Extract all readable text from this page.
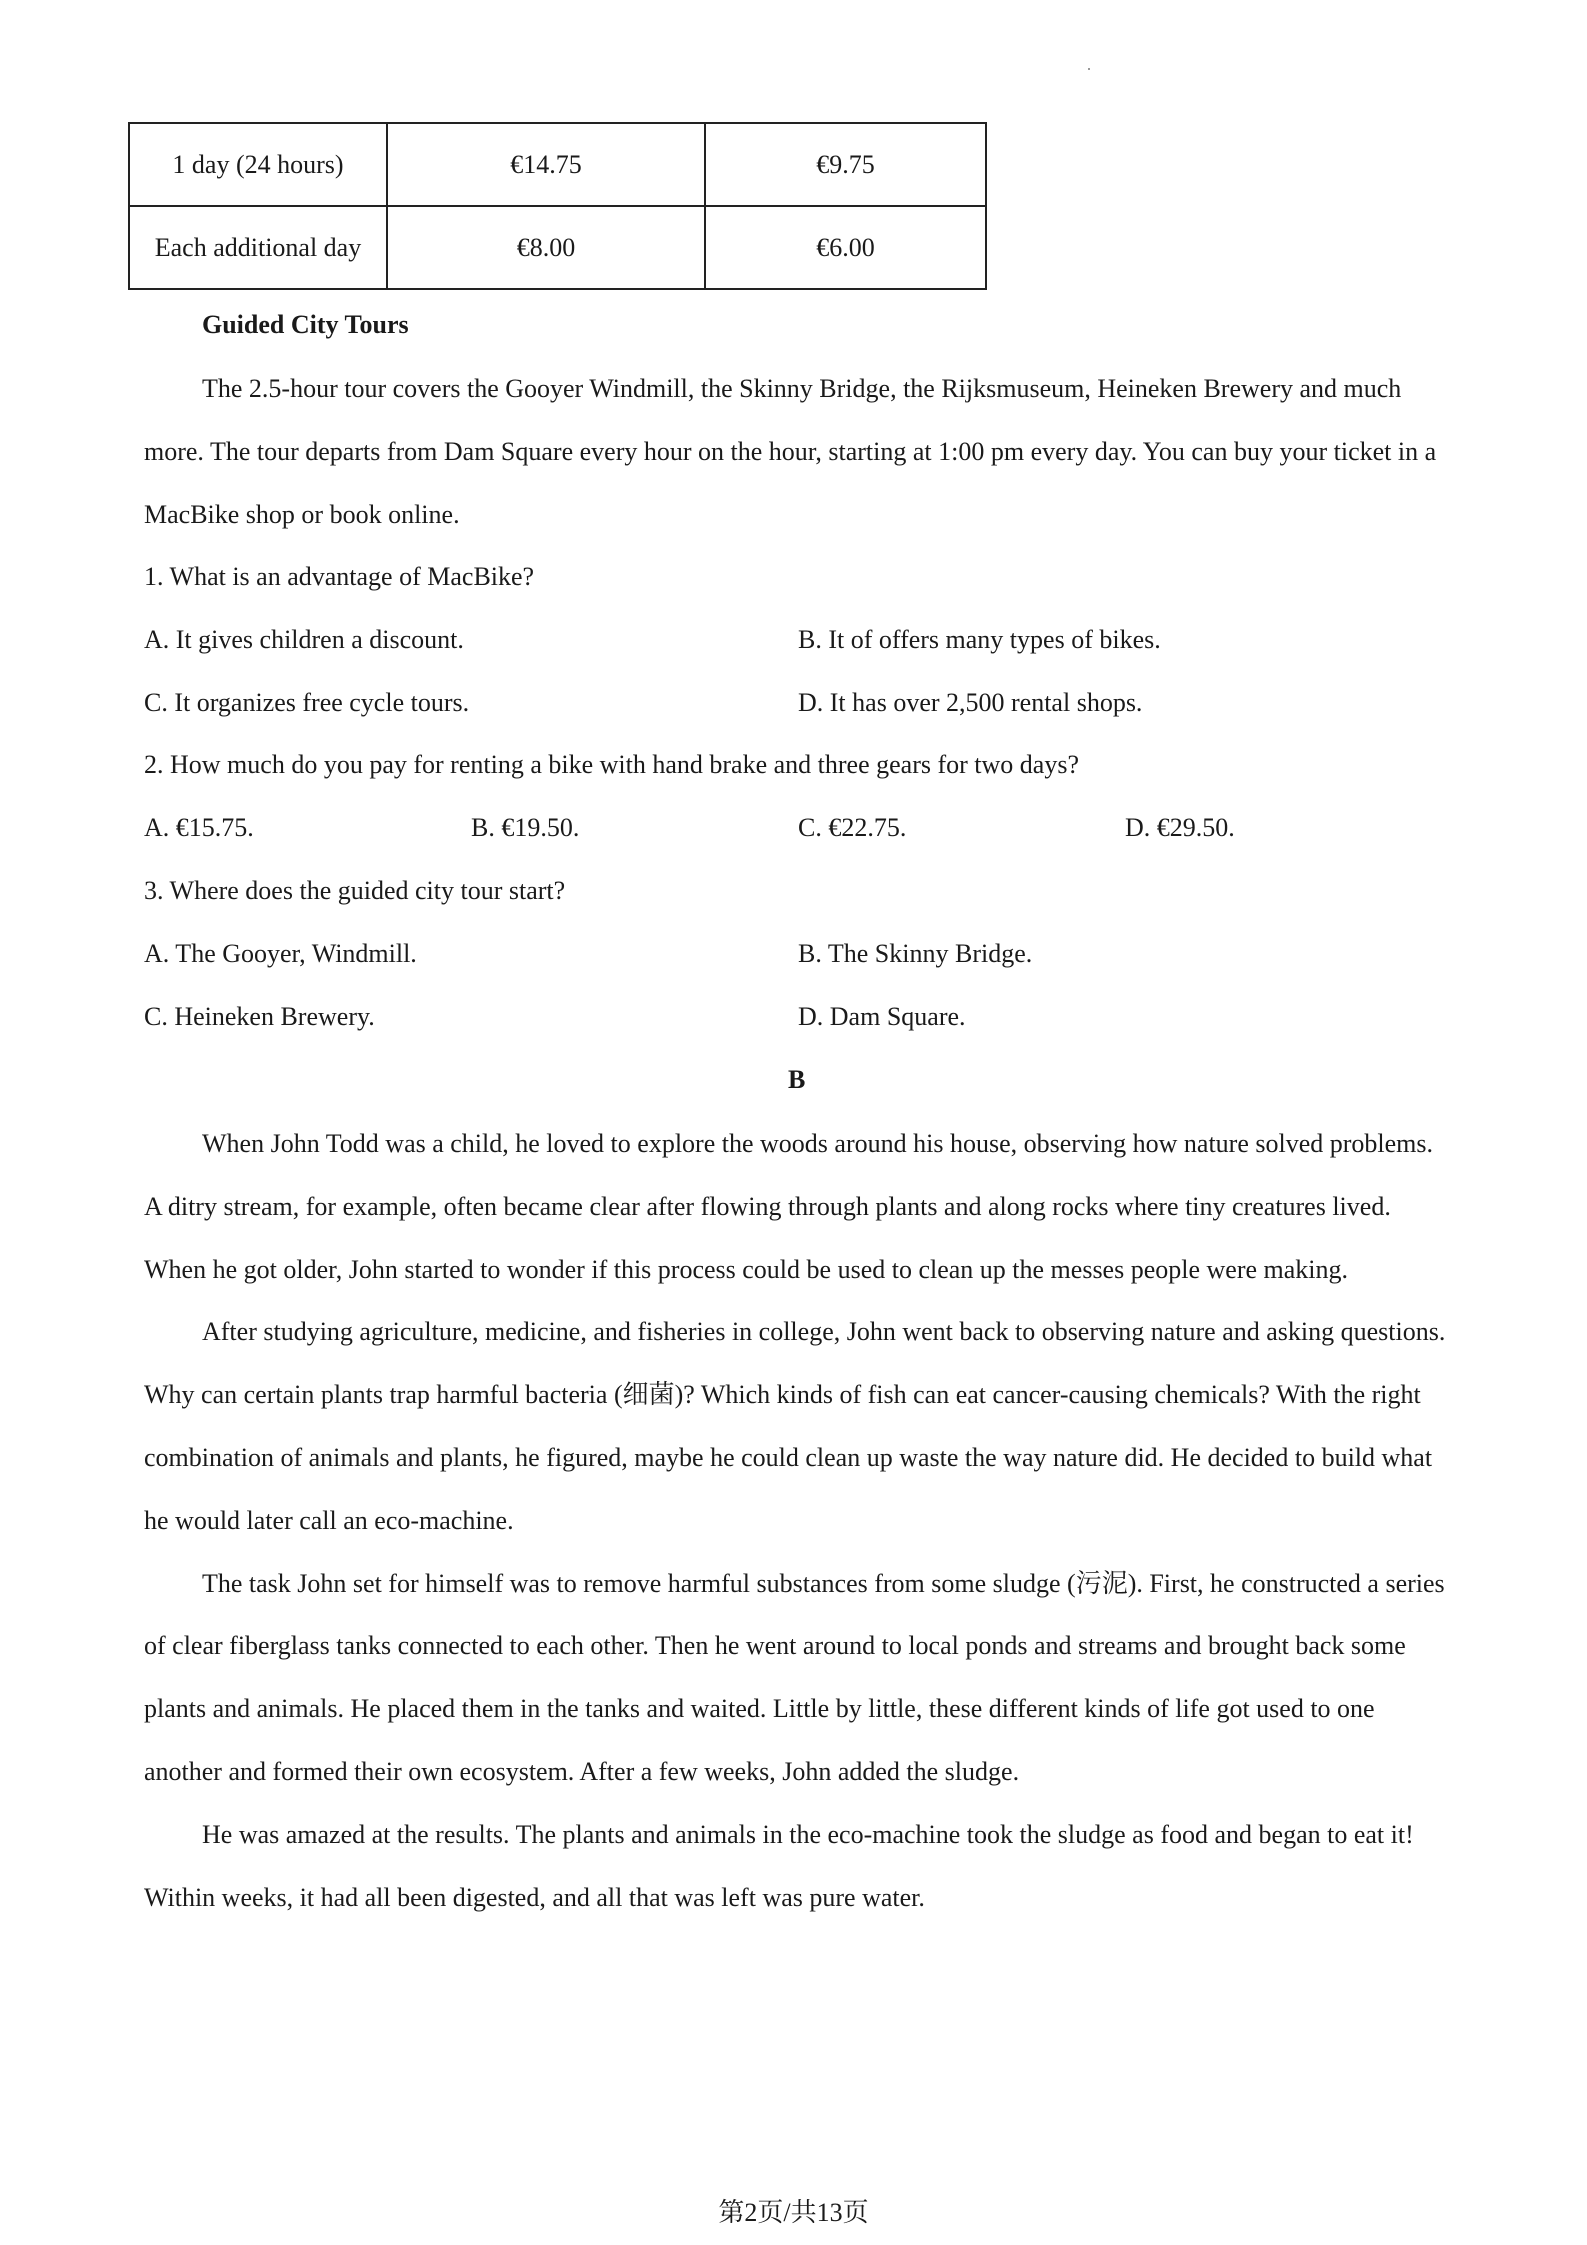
1 day (24 hours)	€14.75	€9.75
Each additional day	€8.00	€6.00
Guided City Tours

The 2.5-hour tour covers the Gooyer Windmill, the Skinny Bridge, the Rijksmuseum, Heineken Brewery and much more. The tour departs from Dam Square every hour on the hour, starting at 1:00 pm every day. You can buy your ticket in a MacBike shop or book online.

1. What is an advantage of MacBike?
A. It gives children a discount.	B. It of offers many types of bikes.
C. It organizes free cycle tours.	D. It has over 2,500 rental shops.
2. How much do you pay for renting a bike with hand brake and three gears for two days?
A. €15.75.	B. €19.50.	C. €22.75.	D. €29.50.
3. Where does the guided city tour start?
A. The Gooyer, Windmill.	B. The Skinny Bridge.
C. Heineken Brewery.	D. Dam Square.
B

When John Todd was a child, he loved to explore the woods around his house, observing how nature solved problems. A ditry stream, for example, often became clear after flowing through plants and along rocks where tiny creatures lived. When he got older, John started to wonder if this process could be used to clean up the messes people were making.

After studying agriculture, medicine, and fisheries in college, John went back to observing nature and asking questions. Why can certain plants trap harmful bacteria (细菌)? Which kinds of fish can eat cancer-causing chemicals? With the right combination of animals and plants, he figured, maybe he could clean up waste the way nature did. He decided to build what he would later call an eco-machine.

The task John set for himself was to remove harmful substances from some sludge (污泥). First, he constructed a series of clear fiberglass tanks connected to each other. Then he went around to local ponds and streams and brought back some plants and animals. He placed them in the tanks and waited. Little by little, these different kinds of life got used to one another and formed their own ecosystem. After a few weeks, John added the sludge.

He was amazed at the results. The plants and animals in the eco-machine took the sludge as food and began to eat it! Within weeks, it had all been digested, and all that was left was pure water.

第2页/共13页
